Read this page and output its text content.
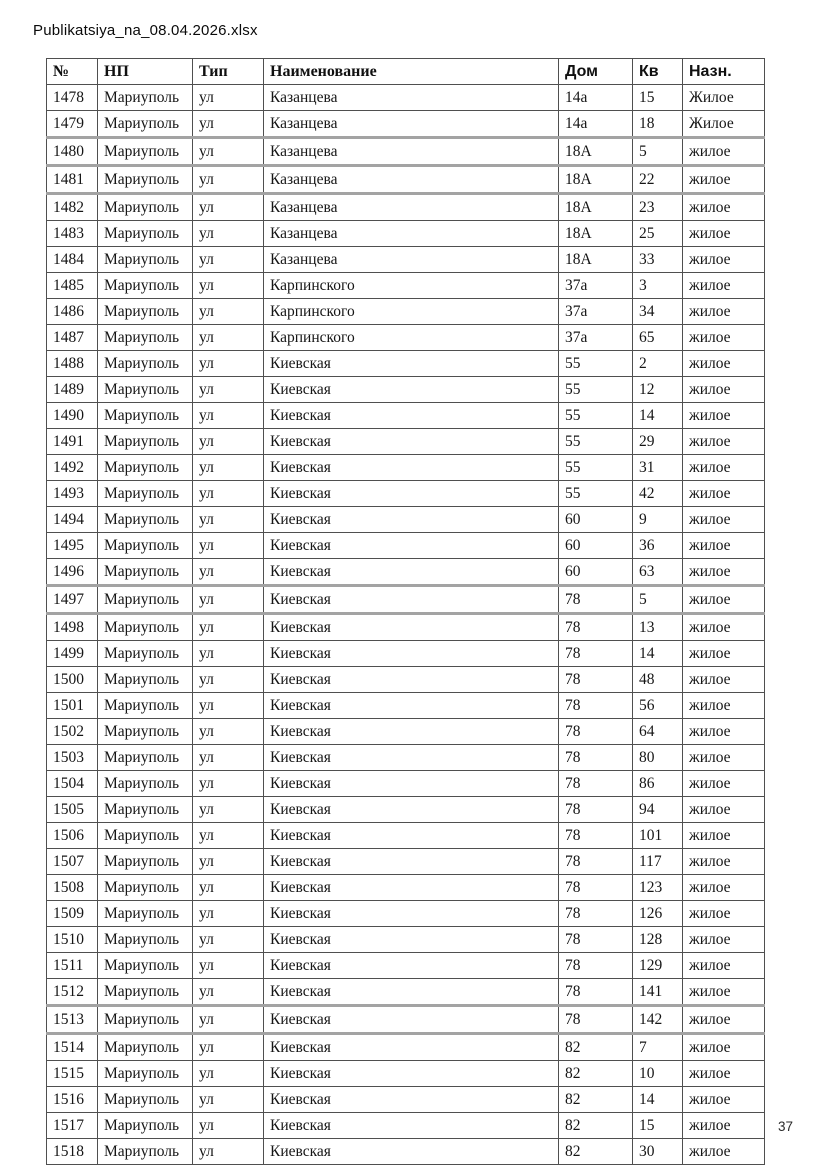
Publikatsiya_na_08.04.2026.xlsx
№	НП	Тип	Наименование	Дом	Кв	Назн.
1478	Мариуполь	ул	Казанцева	14а	15	Жилое
1479	Мариуполь	ул	Казанцева	14а	18	Жилое
1480	Мариуполь	ул	Казанцева	18А	5	жилое
1481	Мариуполь	ул	Казанцева	18А	22	жилое
1482	Мариуполь	ул	Казанцева	18А	23	жилое
1483	Мариуполь	ул	Казанцева	18А	25	жилое
1484	Мариуполь	ул	Казанцева	18А	33	жилое
1485	Мариуполь	ул	Карпинского	37а	3	жилое
1486	Мариуполь	ул	Карпинского	37а	34	жилое
1487	Мариуполь	ул	Карпинского	37а	65	жилое
1488	Мариуполь	ул	Киевская	55	2	жилое
1489	Мариуполь	ул	Киевская	55	12	жилое
1490	Мариуполь	ул	Киевская	55	14	жилое
1491	Мариуполь	ул	Киевская	55	29	жилое
1492	Мариуполь	ул	Киевская	55	31	жилое
1493	Мариуполь	ул	Киевская	55	42	жилое
1494	Мариуполь	ул	Киевская	60	9	жилое
1495	Мариуполь	ул	Киевская	60	36	жилое
1496	Мариуполь	ул	Киевская	60	63	жилое
1497	Мариуполь	ул	Киевская	78	5	жилое
1498	Мариуполь	ул	Киевская	78	13	жилое
1499	Мариуполь	ул	Киевская	78	14	жилое
1500	Мариуполь	ул	Киевская	78	48	жилое
1501	Мариуполь	ул	Киевская	78	56	жилое
1502	Мариуполь	ул	Киевская	78	64	жилое
1503	Мариуполь	ул	Киевская	78	80	жилое
1504	Мариуполь	ул	Киевская	78	86	жилое
1505	Мариуполь	ул	Киевская	78	94	жилое
1506	Мариуполь	ул	Киевская	78	101	жилое
1507	Мариуполь	ул	Киевская	78	117	жилое
1508	Мариуполь	ул	Киевская	78	123	жилое
1509	Мариуполь	ул	Киевская	78	126	жилое
1510	Мариуполь	ул	Киевская	78	128	жилое
1511	Мариуполь	ул	Киевская	78	129	жилое
1512	Мариуполь	ул	Киевская	78	141	жилое
1513	Мариуполь	ул	Киевская	78	142	жилое
1514	Мариуполь	ул	Киевская	82	7	жилое
1515	Мариуполь	ул	Киевская	82	10	жилое
1516	Мариуполь	ул	Киевская	82	14	жилое
1517	Мариуполь	ул	Киевская	82	15	жилое
1518	Мариуполь	ул	Киевская	82	30	жилое
37
